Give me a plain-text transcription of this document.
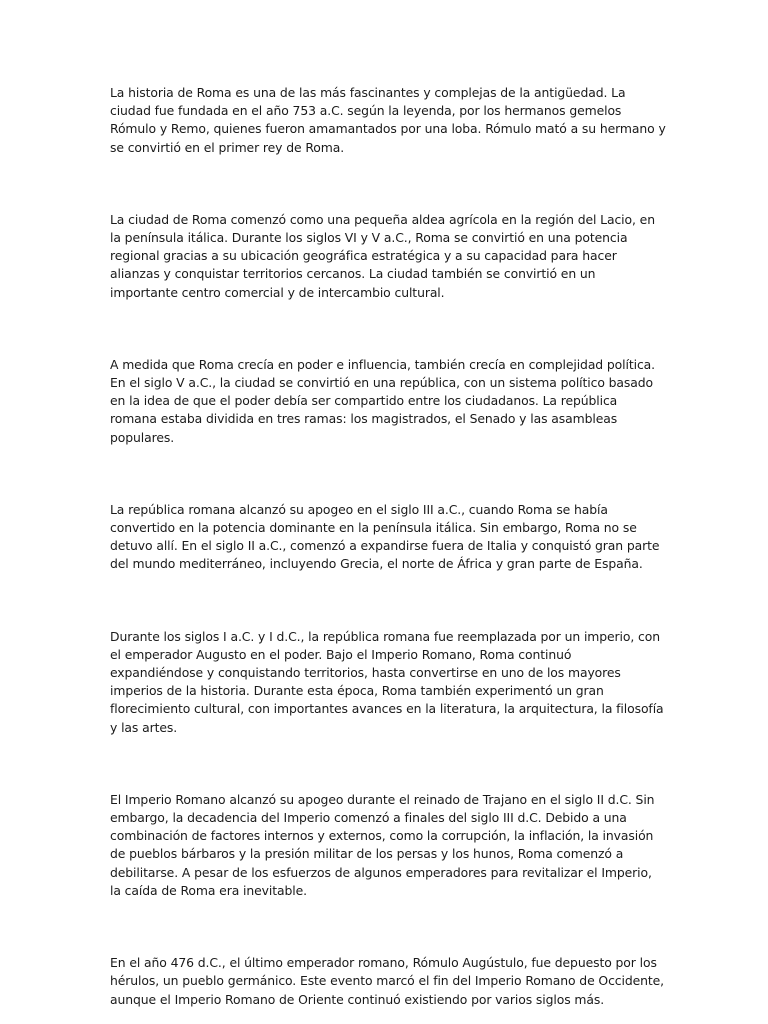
La historia de Roma es una de las más fascinantes y complejas de la antigüedad. La ciudad fue fundada en el año 753 a.C. según la leyenda, por los hermanos gemelos Rómulo y Remo, quienes fueron amamantados por una loba. Rómulo mató a su hermano y se convirtió en el primer rey de Roma.

La ciudad de Roma comenzó como una pequeña aldea agrícola en la región del Lacio, en la península itálica. Durante los siglos VI y V a.C., Roma se convirtió en una potencia regional gracias a su ubicación geográfica estratégica y a su capacidad para hacer alianzas y conquistar territorios cercanos. La ciudad también se convirtió en un importante centro comercial y de intercambio cultural.

A medida que Roma crecía en poder e influencia, también crecía en complejidad política. En el siglo V a.C., la ciudad se convirtió en una república, con un sistema político basado en la idea de que el poder debía ser compartido entre los ciudadanos. La república romana estaba dividida en tres ramas: los magistrados, el Senado y las asambleas populares.

La república romana alcanzó su apogeo en el siglo III a.C., cuando Roma se había convertido en la potencia dominante en la península itálica. Sin embargo, Roma no se detuvo allí. En el siglo II a.C., comenzó a expandirse fuera de Italia y conquistó gran parte del mundo mediterráneo, incluyendo Grecia, el norte de África y gran parte de España.

Durante los siglos I a.C. y I d.C., la república romana fue reemplazada por un imperio, con el emperador Augusto en el poder. Bajo el Imperio Romano, Roma continuó expandiéndose y conquistando territorios, hasta convertirse en uno de los mayores imperios de la historia. Durante esta época, Roma también experimentó un gran florecimiento cultural, con importantes avances en la literatura, la arquitectura, la filosofía y las artes.

El Imperio Romano alcanzó su apogeo durante el reinado de Trajano en el siglo II d.C. Sin embargo, la decadencia del Imperio comenzó a finales del siglo III d.C. Debido a una combinación de factores internos y externos, como la corrupción, la inflación, la invasión de pueblos bárbaros y la presión militar de los persas y los hunos, Roma comenzó a debilitarse. A pesar de los esfuerzos de algunos emperadores para revitalizar el Imperio, la caída de Roma era inevitable.

En el año 476 d.C., el último emperador romano, Rómulo Augústulo, fue depuesto por los hérulos, un pueblo germánico. Este evento marcó el fin del Imperio Romano de Occidente, aunque el Imperio Romano de Oriente continuó existiendo por varios siglos más.
